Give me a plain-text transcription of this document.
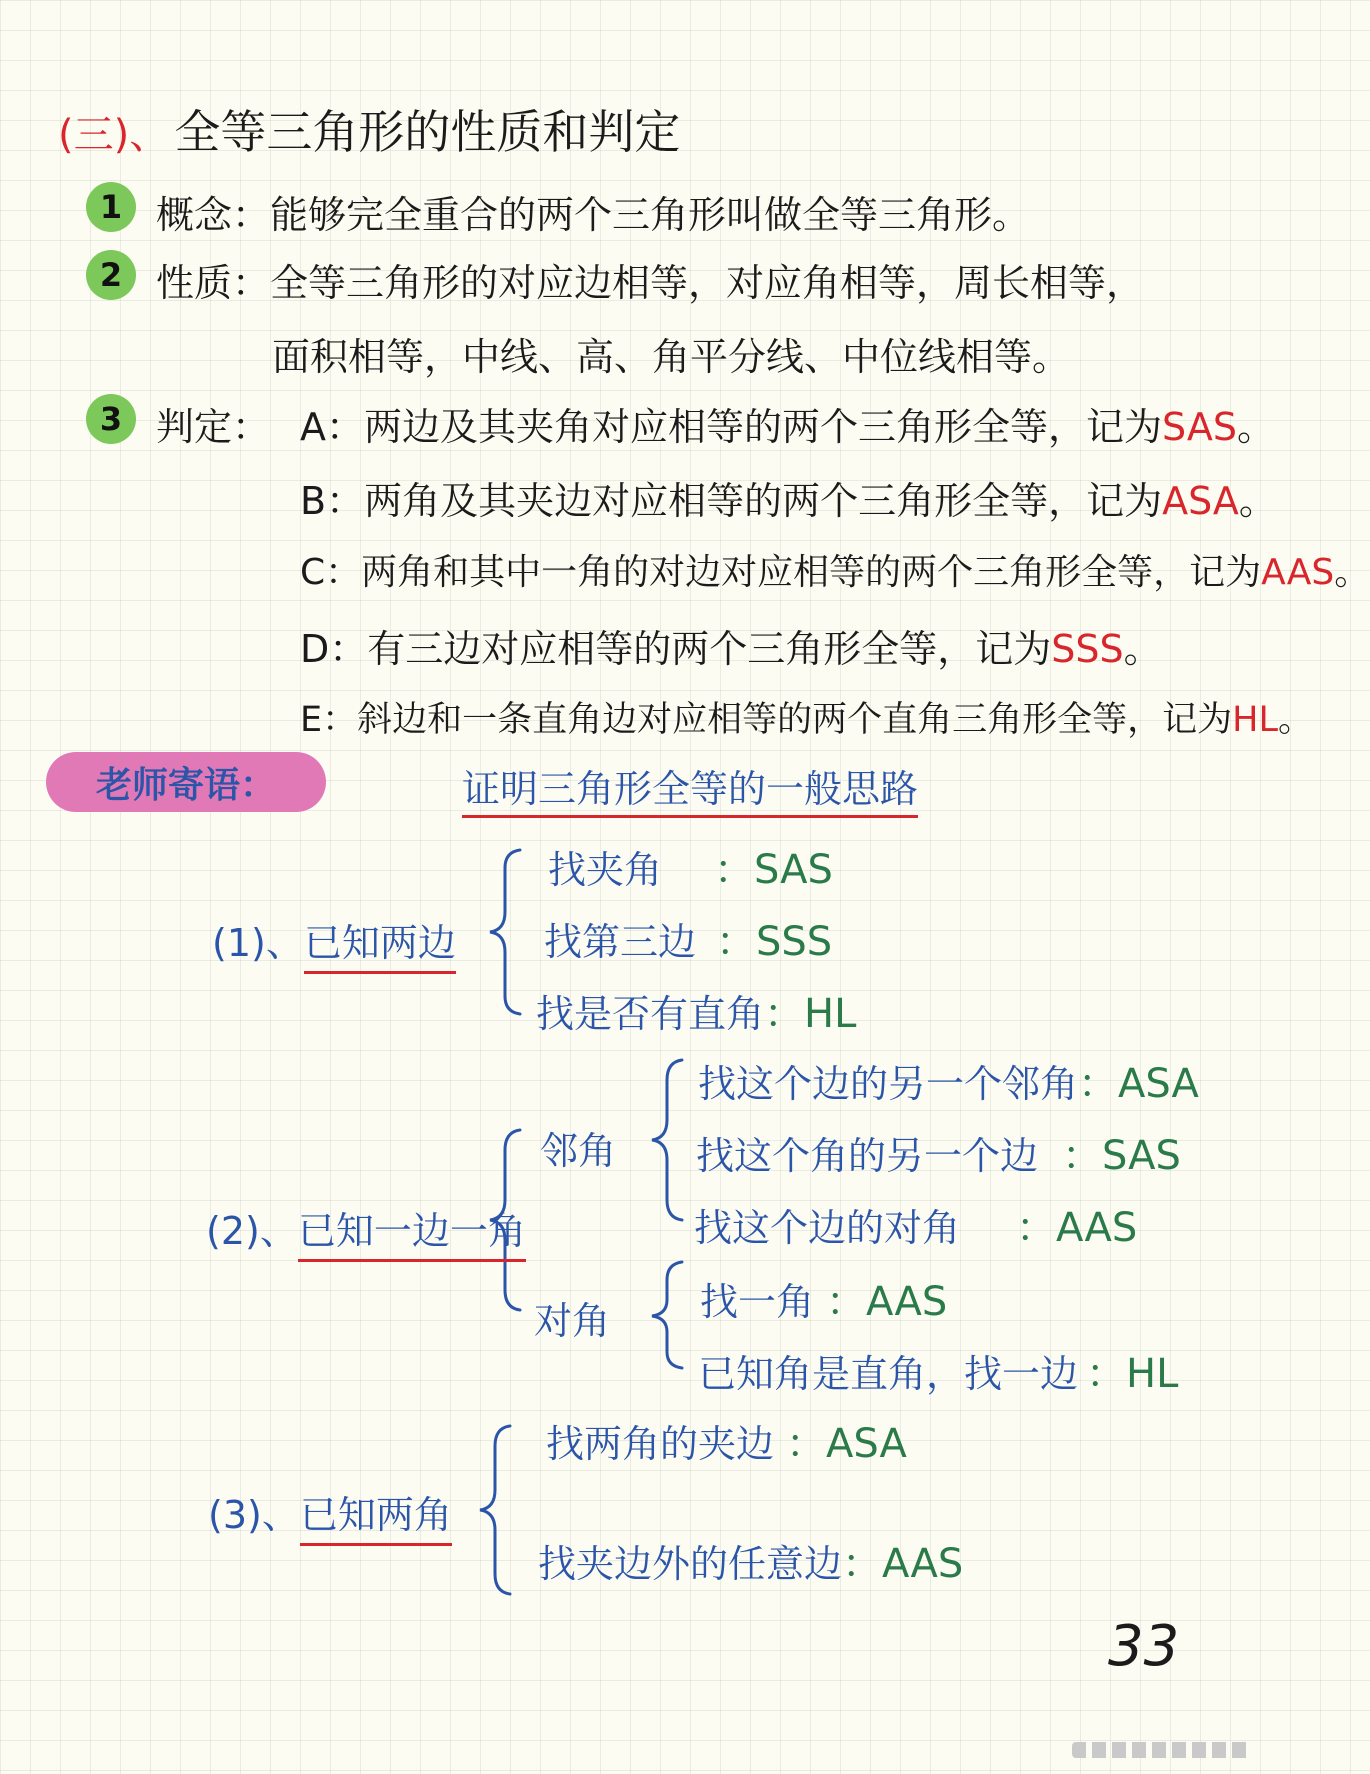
(三)、 全等三角形的性质和判定
1 概念：能够完全重合的两个三角形叫做全等三角形。
2 性质：全等三角形的对应边相等，对应角相等，周长相等，
面积相等，中线、高、角平分线、中位线相等。
3 判定： A：两边及其夹角对应相等的两个三角形全等，记为SAS。
B：两角及其夹边对应相等的两个三角形全等，记为ASA。
C：两角和其中一角的对边对应相等的两个三角形全等，记为AAS。
D：有三边对应相等的两个三角形全等，记为SSS。
E：斜边和一条直角边对应相等的两个直角三角形全等，记为HL。
老师寄语：	证明三角形全等的一般思路
(1)、已知两边
找夹角 ：SAS
找第三边 ：SSS
找是否有直角：HL
(2)、已知一边一角
邻角
对角
找这个边的另一个邻角：ASA
找这个角的另一个边 ：SAS
找这个边的对角 ：AAS
找一角 ：AAS
已知角是直角，找一边 ：HL
(3)、已知两角
找两角的夹边 ：ASA
找夹边外的任意边：AAS
33
